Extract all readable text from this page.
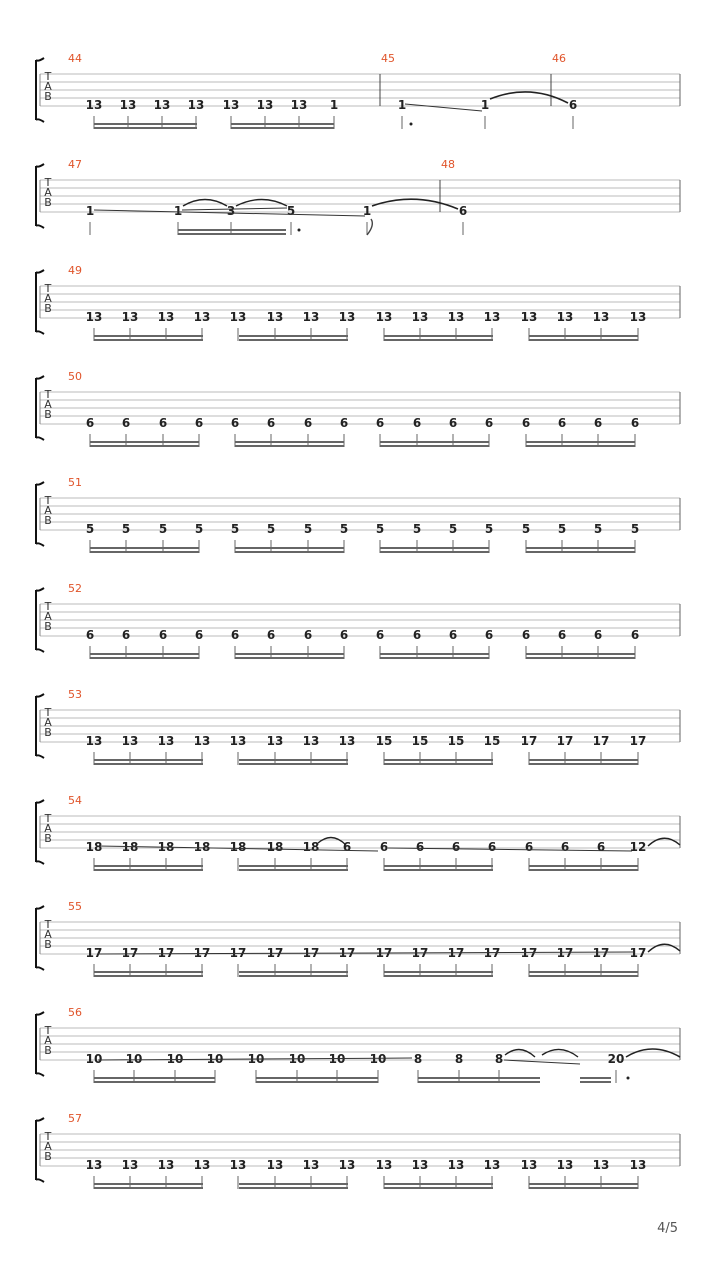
T
A
B
44
13 13 13 13 13 13 13 1
45
1	1
46
6
T
A
B
47
1	1	3	5	1
48
6
T
A
B
49
13 13 13 13 13 13 13 13 13 13 13 13 13 13 13 13
T
A
B
50
6 6 6 6 6 6 6 6 6 6 6 6 6 6 6 6
T
A
B
51
5 5 5 5 5 5 5 5 5 5 5 5 5 5 5 5
T
A
B
52
6 6 6 6 6 6 6 6 6 6 6 6 6 6 6 6
T
A
B
53
13 13 13 13 13 13 13 13 15 15 15 15 17 17 17 17
T
A
B
54
18 18 18 18 18 18 18 6 6 6 6 6 6 6 6 12
T
A
B
55
17 17 17 17 17 17 17 17 17 17 17 17 17 17 17 17
T
A
B
56
10 10 10 10 10 10 10 10 8	8	8	20
T
A
B
57
13 13 13 13 13 13 13 13 13 13 13 13 13 13 13 13
4/5
